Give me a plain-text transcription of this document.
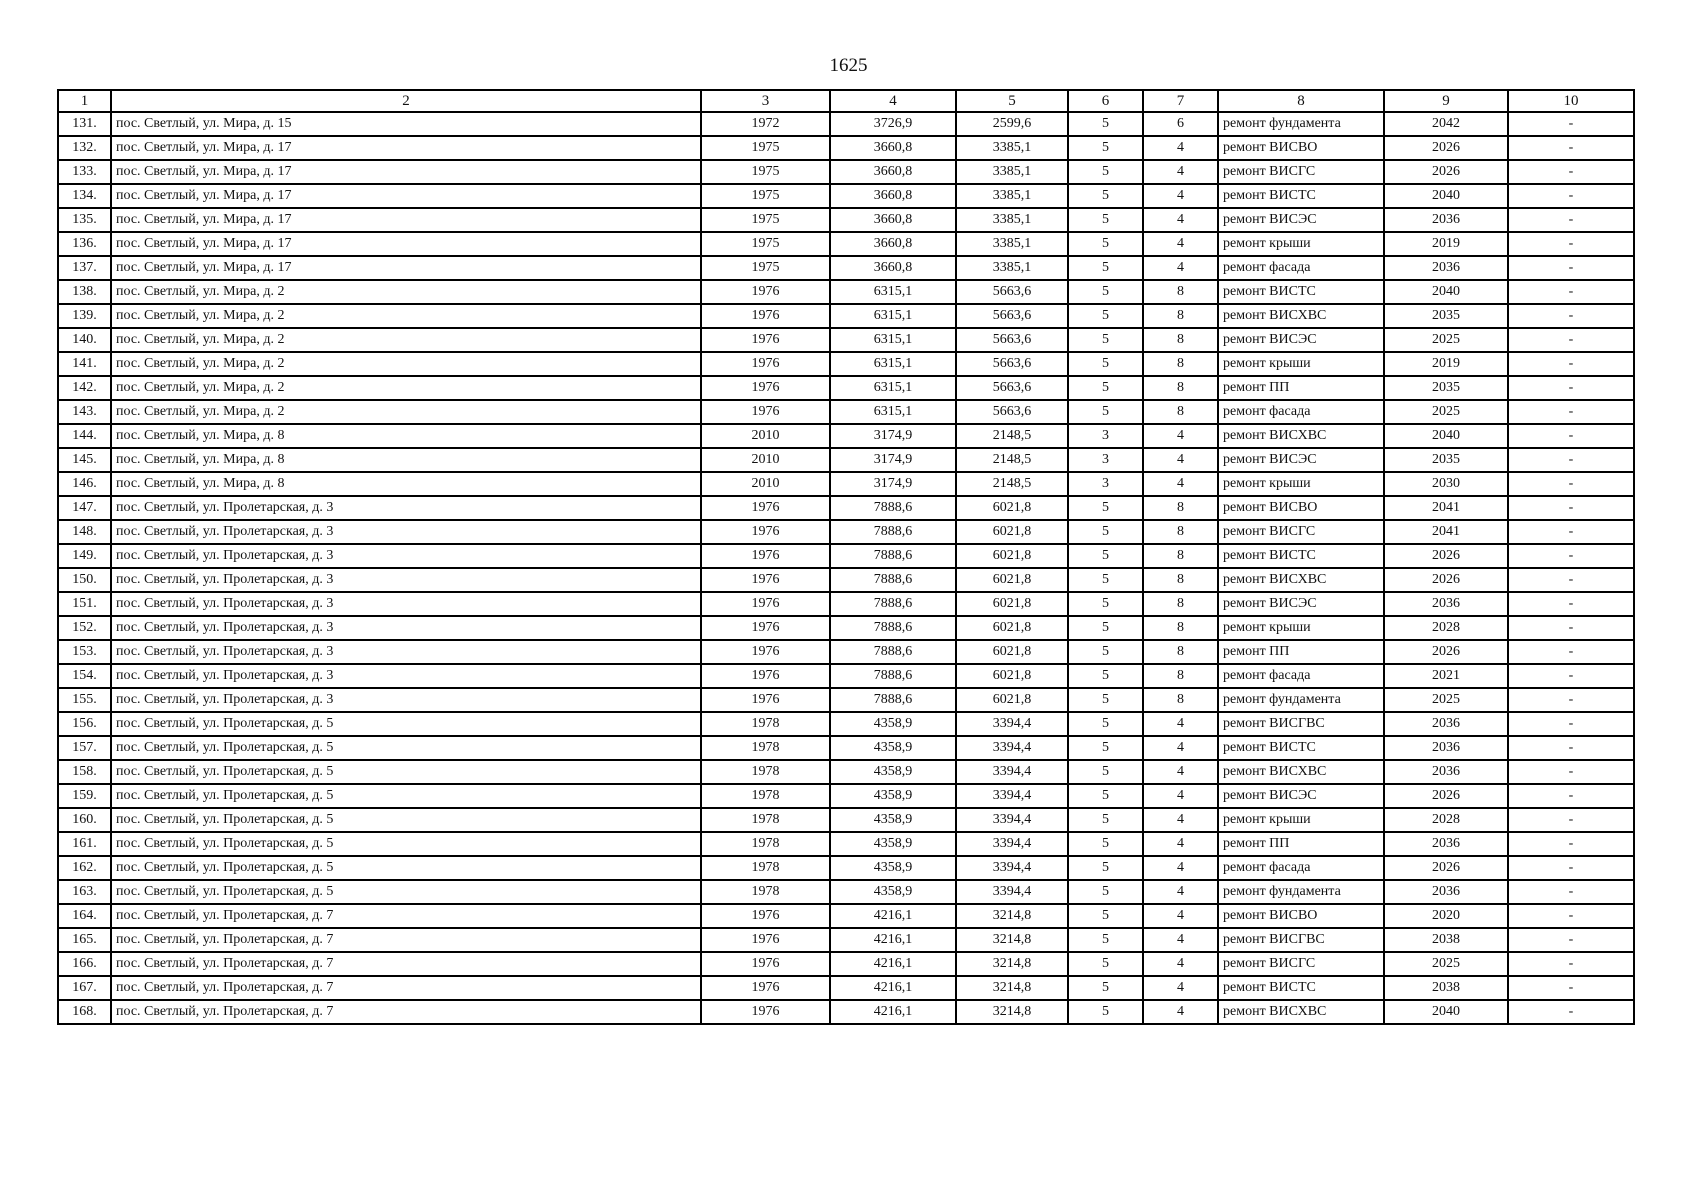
1625
1	2	3	4	5	6	7	8	9	10
131.	пос. Светлый, ул. Мира, д. 15	1972	3726,9	2599,6	5	6	ремонт фундамента	2042	-
132.	пос. Светлый, ул. Мира, д. 17	1975	3660,8	3385,1	5	4	ремонт ВИСВО	2026	-
133.	пос. Светлый, ул. Мира, д. 17	1975	3660,8	3385,1	5	4	ремонт ВИСГС	2026	-
134.	пос. Светлый, ул. Мира, д. 17	1975	3660,8	3385,1	5	4	ремонт ВИСТС	2040	-
135.	пос. Светлый, ул. Мира, д. 17	1975	3660,8	3385,1	5	4	ремонт ВИСЭС	2036	-
136.	пос. Светлый, ул. Мира, д. 17	1975	3660,8	3385,1	5	4	ремонт крыши	2019	-
137.	пос. Светлый, ул. Мира, д. 17	1975	3660,8	3385,1	5	4	ремонт фасада	2036	-
138.	пос. Светлый, ул. Мира, д. 2	1976	6315,1	5663,6	5	8	ремонт ВИСТС	2040	-
139.	пос. Светлый, ул. Мира, д. 2	1976	6315,1	5663,6	5	8	ремонт ВИСХВС	2035	-
140.	пос. Светлый, ул. Мира, д. 2	1976	6315,1	5663,6	5	8	ремонт ВИСЭС	2025	-
141.	пос. Светлый, ул. Мира, д. 2	1976	6315,1	5663,6	5	8	ремонт крыши	2019	-
142.	пос. Светлый, ул. Мира, д. 2	1976	6315,1	5663,6	5	8	ремонт ПП	2035	-
143.	пос. Светлый, ул. Мира, д. 2	1976	6315,1	5663,6	5	8	ремонт фасада	2025	-
144.	пос. Светлый, ул. Мира, д. 8	2010	3174,9	2148,5	3	4	ремонт ВИСХВС	2040	-
145.	пос. Светлый, ул. Мира, д. 8	2010	3174,9	2148,5	3	4	ремонт ВИСЭС	2035	-
146.	пос. Светлый, ул. Мира, д. 8	2010	3174,9	2148,5	3	4	ремонт крыши	2030	-
147.	пос. Светлый, ул. Пролетарская, д. 3	1976	7888,6	6021,8	5	8	ремонт ВИСВО	2041	-
148.	пос. Светлый, ул. Пролетарская, д. 3	1976	7888,6	6021,8	5	8	ремонт ВИСГС	2041	-
149.	пос. Светлый, ул. Пролетарская, д. 3	1976	7888,6	6021,8	5	8	ремонт ВИСТС	2026	-
150.	пос. Светлый, ул. Пролетарская, д. 3	1976	7888,6	6021,8	5	8	ремонт ВИСХВС	2026	-
151.	пос. Светлый, ул. Пролетарская, д. 3	1976	7888,6	6021,8	5	8	ремонт ВИСЭС	2036	-
152.	пос. Светлый, ул. Пролетарская, д. 3	1976	7888,6	6021,8	5	8	ремонт крыши	2028	-
153.	пос. Светлый, ул. Пролетарская, д. 3	1976	7888,6	6021,8	5	8	ремонт ПП	2026	-
154.	пос. Светлый, ул. Пролетарская, д. 3	1976	7888,6	6021,8	5	8	ремонт фасада	2021	-
155.	пос. Светлый, ул. Пролетарская, д. 3	1976	7888,6	6021,8	5	8	ремонт фундамента	2025	-
156.	пос. Светлый, ул. Пролетарская, д. 5	1978	4358,9	3394,4	5	4	ремонт ВИСГВС	2036	-
157.	пос. Светлый, ул. Пролетарская, д. 5	1978	4358,9	3394,4	5	4	ремонт ВИСТС	2036	-
158.	пос. Светлый, ул. Пролетарская, д. 5	1978	4358,9	3394,4	5	4	ремонт ВИСХВС	2036	-
159.	пос. Светлый, ул. Пролетарская, д. 5	1978	4358,9	3394,4	5	4	ремонт ВИСЭС	2026	-
160.	пос. Светлый, ул. Пролетарская, д. 5	1978	4358,9	3394,4	5	4	ремонт крыши	2028	-
161.	пос. Светлый, ул. Пролетарская, д. 5	1978	4358,9	3394,4	5	4	ремонт ПП	2036	-
162.	пос. Светлый, ул. Пролетарская, д. 5	1978	4358,9	3394,4	5	4	ремонт фасада	2026	-
163.	пос. Светлый, ул. Пролетарская, д. 5	1978	4358,9	3394,4	5	4	ремонт фундамента	2036	-
164.	пос. Светлый, ул. Пролетарская, д. 7	1976	4216,1	3214,8	5	4	ремонт ВИСВО	2020	-
165.	пос. Светлый, ул. Пролетарская, д. 7	1976	4216,1	3214,8	5	4	ремонт ВИСГВС	2038	-
166.	пос. Светлый, ул. Пролетарская, д. 7	1976	4216,1	3214,8	5	4	ремонт ВИСГС	2025	-
167.	пос. Светлый, ул. Пролетарская, д. 7	1976	4216,1	3214,8	5	4	ремонт ВИСТС	2038	-
168.	пос. Светлый, ул. Пролетарская, д. 7	1976	4216,1	3214,8	5	4	ремонт ВИСХВС	2040	-
